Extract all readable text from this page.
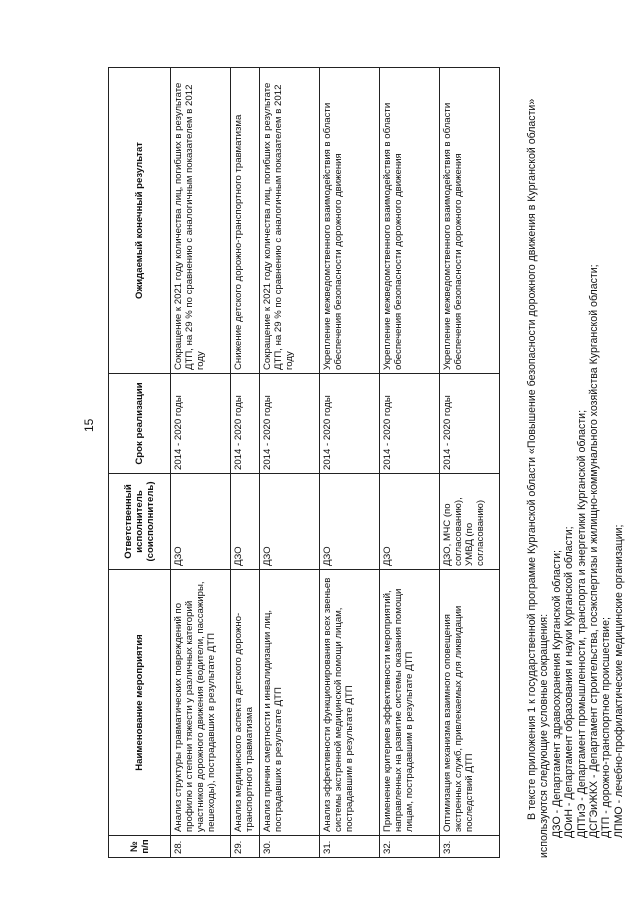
15
№ п/п	Наименование мероприятия	Ответственный исполнитель (соисполнитель)	Срок реализации	Ожидаемый конечный результат
28.	Анализ структуры травматических повреждений по профилю и степени тяжести у различных категорий участников дорожного движения (водители, пассажиры, пешеходы), пострадавших в результате ДТП	ДЗО	2014 - 2020 годы	Сокращение к 2021 году количества лиц, погибших в результате ДТП, на 29 % по сравнению с аналогичным показателем в 2012 году
29.	Анализ медицинского аспекта детского дорожно-транспортного травматизма	ДЗО	2014 - 2020 годы	Снижение детского дорожно-транспортного травматизма
30.	Анализ причин смертности и инвалидизации лиц, пострадавших в результате ДТП	ДЗО	2014 - 2020 годы	Сокращение к 2021 году количества лиц, погибших в результате ДТП, на 29 % по сравнению с аналогичным показателем в 2012 году
31.	Анализ эффективности функционирования всех звеньев системы экстренной медицинской помощи лицам, пострадавшим в результате ДТП	ДЗО	2014 - 2020 годы	Укрепление межведомственного взаимодействия в области обеспечения безопасности дорожного движения
32.	Применение критериев эффективности мероприятий, направленных на развитие системы оказания помощи лицам, пострадавшим в результате ДТП	ДЗО	2014 - 2020 годы	Укрепление межведомственного взаимодействия в области обеспечения безопасности дорожного движения
33.	Оптимизация механизма взаимного оповещения экстренных служб, привлекаемых для ликвидации последствий ДТП	ДЗО, МЧС (по согласованию), УМВД (по согласованию)	2014 - 2020 годы	Укрепление межведомственного взаимодействия в области обеспечения безопасности дорожного движения	В тексте приложения 1 к государственной программе Курганской области «Повышение безопасности дорожного движения в Курганской области» используются следующие условные сокращения: ДЗО - Департамент здравоохранения Курганской области; ДОиН - Департамент образования и науки Курганской области; ДПТиЭ - Департамент промышленности, транспорта и энергетики Курганской области; ДСГЭиЖКХ - Департамент строительства, госэкспертизы и жилищно-коммунального хозяйства Курганской области; ДТП - дорожно-транспортное происшествие; ЛПМО - лечебно-профилактические медицинские организации;
